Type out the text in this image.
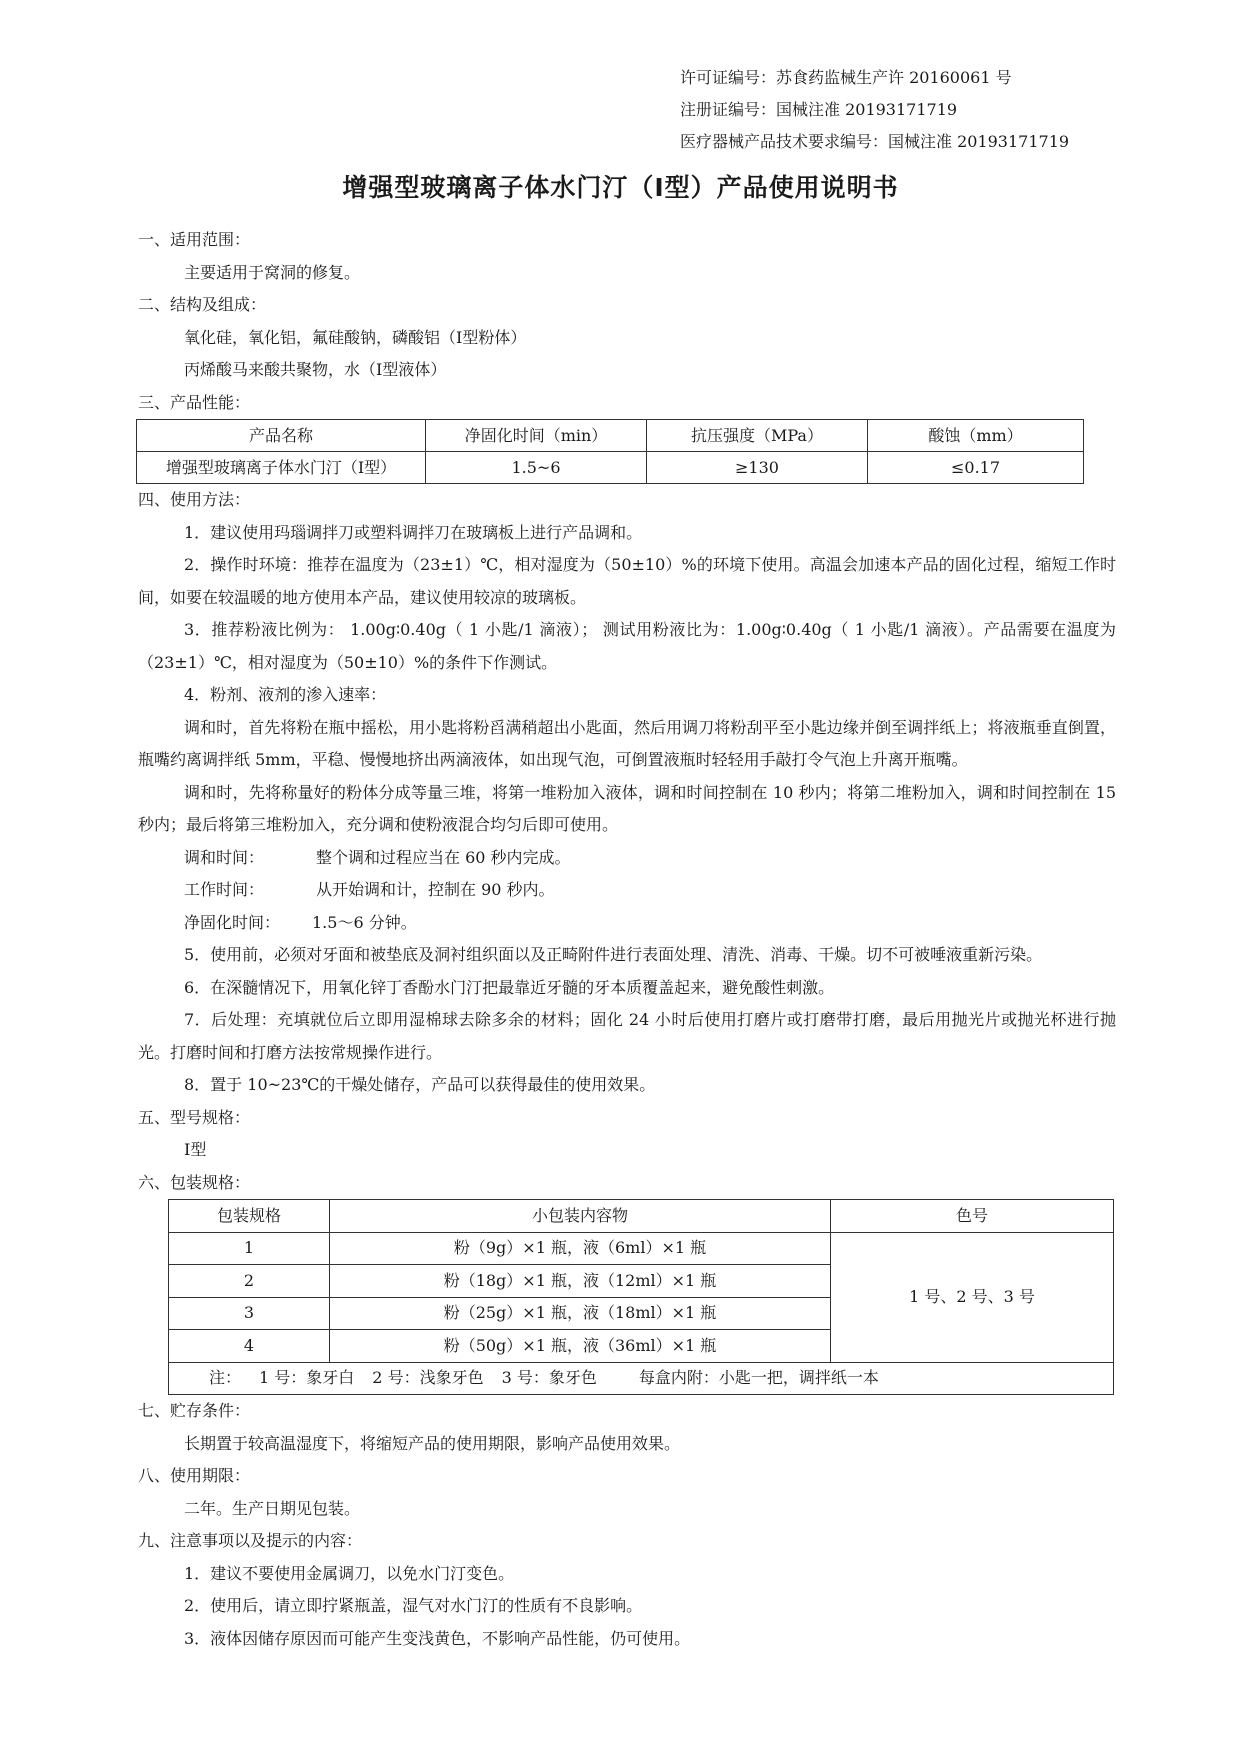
许可证编号：苏食药监械生产许 20160061 号
注册证编号：国械注准 20193171719
医疗器械产品技术要求编号：国械注准 20193171719
增强型玻璃离子体水门汀（Ⅰ型）产品使用说明书

一、适用范围：

主要适用于窝洞的修复。

二、结构及组成：

氧化硅，氧化铝，氟硅酸钠，磷酸铝（Ⅰ型粉体）

丙烯酸马来酸共聚物，水（Ⅰ型液体）

三、产品性能：

产品名称	净固化时间（min）	抗压强度（MPa）	酸蚀（mm）
增强型玻璃离子体水门汀（Ⅰ型）	1.5~6	≥130	≤0.17

四、使用方法：

1．建议使用玛瑙调拌刀或塑料调拌刀在玻璃板上进行产品调和。

2．操作时环境：推荐在温度为（23±1）℃，相对湿度为（50±10）%的环境下使用。高温会加速本产品的固化过程，缩短工作时间，如要在较温暖的地方使用本产品，建议使用较凉的玻璃板。

3．推荐粉液比例为： 1.00g∶0.40g（ 1 小匙/1 滴液）； 测试用粉液比为：1.00g∶0.40g（ 1 小匙/1 滴液）。产品需要在温度为（23±1）℃，相对湿度为（50±10）%的条件下作测试。

4．粉剂、液剂的渗入速率：

调和时，首先将粉在瓶中摇松，用小匙将粉舀满稍超出小匙面，然后用调刀将粉刮平至小匙边缘并倒至调拌纸上；将液瓶垂直倒置，瓶嘴约离调拌纸 5mm，平稳、慢慢地挤出两滴液体，如出现气泡，可倒置液瓶时轻轻用手敲打令气泡上升离开瓶嘴。

调和时，先将称量好的粉体分成等量三堆，将第一堆粉加入液体，调和时间控制在 10 秒内；将第二堆粉加入，调和时间控制在 15 秒内；最后将第三堆粉加入，充分调和使粉液混合均匀后即可使用。

调和时间：	整个调和过程应当在 60 秒内完成。

工作时间：	从开始调和计，控制在 90 秒内。

净固化时间： 1.5～6 分钟。

5．使用前，必须对牙面和被垫底及洞衬组织面以及正畸附件进行表面处理、清洗、消毒、干燥。切不可被唾液重新污染。

6．在深髓情况下，用氧化锌丁香酚水门汀把最靠近牙髓的牙本质覆盖起来，避免酸性刺激。

7．后处理：充填就位后立即用湿棉球去除多余的材料；固化 24 小时后使用打磨片或打磨带打磨，最后用抛光片或抛光杯进行抛光。打磨时间和打磨方法按常规操作进行。

8．置于 10~23℃的干燥处储存，产品可以获得最佳的使用效果。

五、型号规格：

Ⅰ型

六、包装规格：

包装规格	小包装内容物	色号
1	粉（9g）×1 瓶，液（6ml）×1 瓶	1 号、2 号、3 号
2	粉（18g）×1 瓶，液（12ml）×1 瓶	
3	粉（25g）×1 瓶，液（18ml）×1 瓶	
4	粉（50g）×1 瓶，液（36ml）×1 瓶	
注： 1 号：象牙白 2 号：浅象牙色 3 号：象牙色 每盒内附：小匙一把，调拌纸一本		

七、贮存条件：

长期置于较高温湿度下，将缩短产品的使用期限，影响产品使用效果。

八、使用期限：

二年。生产日期见包装。

九、注意事项以及提示的内容：

1．建议不要使用金属调刀，以免水门汀变色。

2．使用后，请立即拧紧瓶盖，湿气对水门汀的性质有不良影响。

3．液体因储存原因而可能产生变浅黄色，不影响产品性能，仍可使用。
